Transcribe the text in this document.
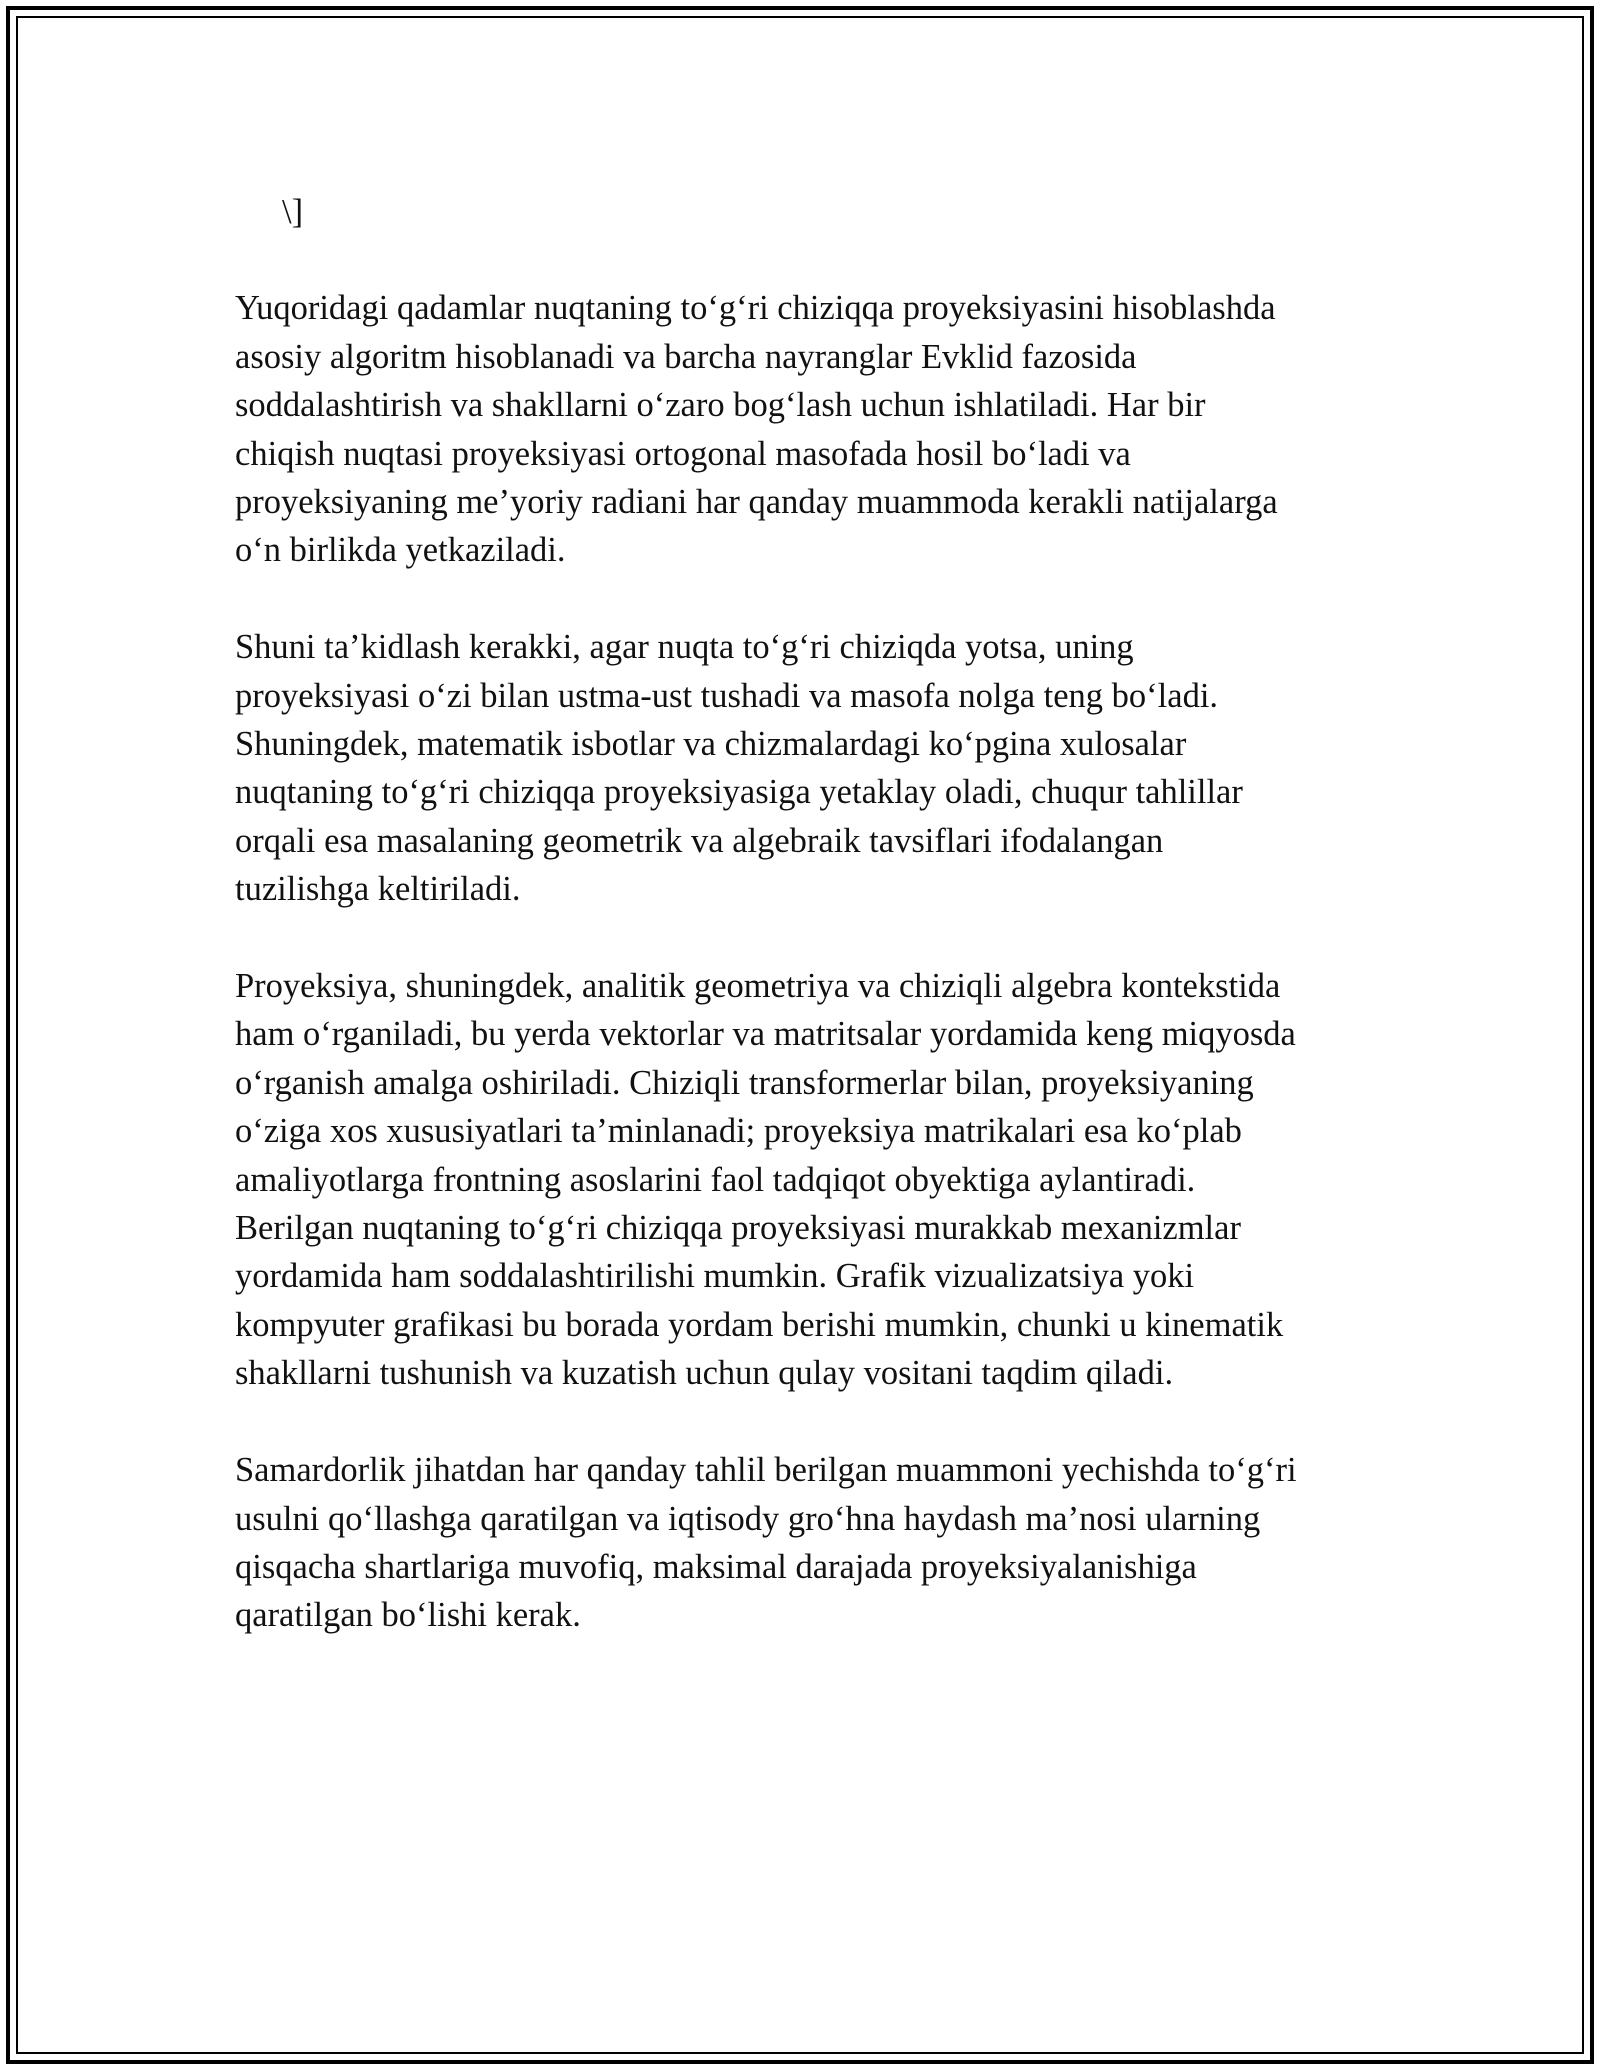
\]

Yuqoridagi qadamlar nuqtaning to‘g‘ri chiziqqa proyeksiyasini hisoblashda
asosiy algoritm hisoblanadi va barcha nayranglar Evklid fazosida
soddalashtirish va shakllarni o‘zaro bog‘lash uchun ishlatiladi. Har bir
chiqish nuqtasi proyeksiyasi ortogonal masofada hosil bo‘ladi va
proyeksiyaning me’yoriy radiani har qanday muammoda kerakli natijalarga
o‘n birlikda yetkaziladi.

Shuni ta’kidlash kerakki, agar nuqta to‘g‘ri chiziqda yotsa, uning
proyeksiyasi o‘zi bilan ustma-ust tushadi va masofa nolga teng bo‘ladi.
Shuningdek, matematik isbotlar va chizmalardagi ko‘pgina xulosalar
nuqtaning to‘g‘ri chiziqqa proyeksiyasiga yetaklay oladi, chuqur tahlillar
orqali esa masalaning geometrik va algebraik tavsiflari ifodalangan
tuzilishga keltiriladi.

Proyeksiya, shuningdek, analitik geometriya va chiziqli algebra kontekstida
ham o‘rganiladi, bu yerda vektorlar va matritsalar yordamida keng miqyosda
o‘rganish amalga oshiriladi. Chiziqli transformerlar bilan, proyeksiyaning
o‘ziga xos xususiyatlari ta’minlanadi; proyeksiya matrikalari esa ko‘plab
amaliyotlarga frontning asoslarini faol tadqiqot obyektiga aylantiradi.
Berilgan nuqtaning to‘g‘ri chiziqqa proyeksiyasi murakkab mexanizmlar
yordamida ham soddalashtirilishi mumkin. Grafik vizualizatsiya yoki
kompyuter grafikasi bu borada yordam berishi mumkin, chunki u kinematik
shakllarni tushunish va kuzatish uchun qulay vositani taqdim qiladi.

Samardorlik jihatdan har qanday tahlil berilgan muammoni yechishda to‘g‘ri
usulni qo‘llashga qaratilgan va iqtisody gro‘hna haydash ma’nosi ularning
qisqacha shartlariga muvofiq, maksimal darajada proyeksiyalanishiga
qaratilgan bo‘lishi kerak.
